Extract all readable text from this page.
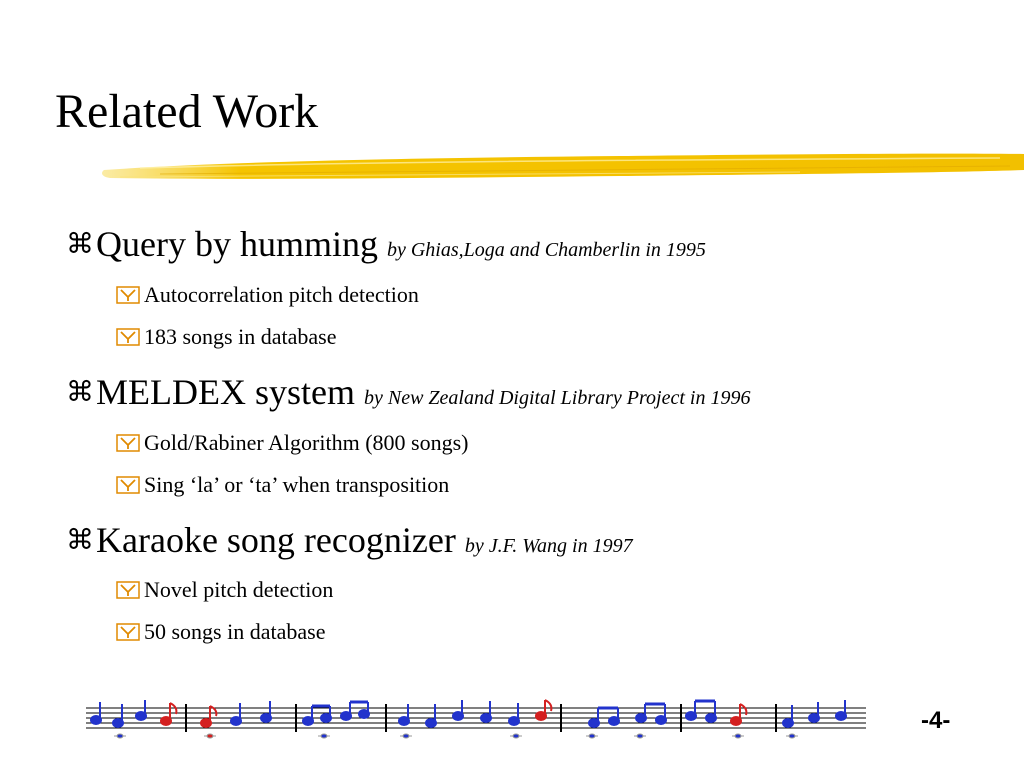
Related Work
⌘Query by humming by Ghias,Loga and Chamberlin in 1995
Autocorrelation pitch detection
183 songs in database
⌘MELDEX system by New Zealand Digital Library Project in 1996
Gold/Rabiner Algorithm (800 songs)
Sing ‘la’ or ‘ta’ when transposition
⌘Karaoke song recognizer by J.F. Wang in 1997
Novel pitch detection
50 songs in database
-4-
